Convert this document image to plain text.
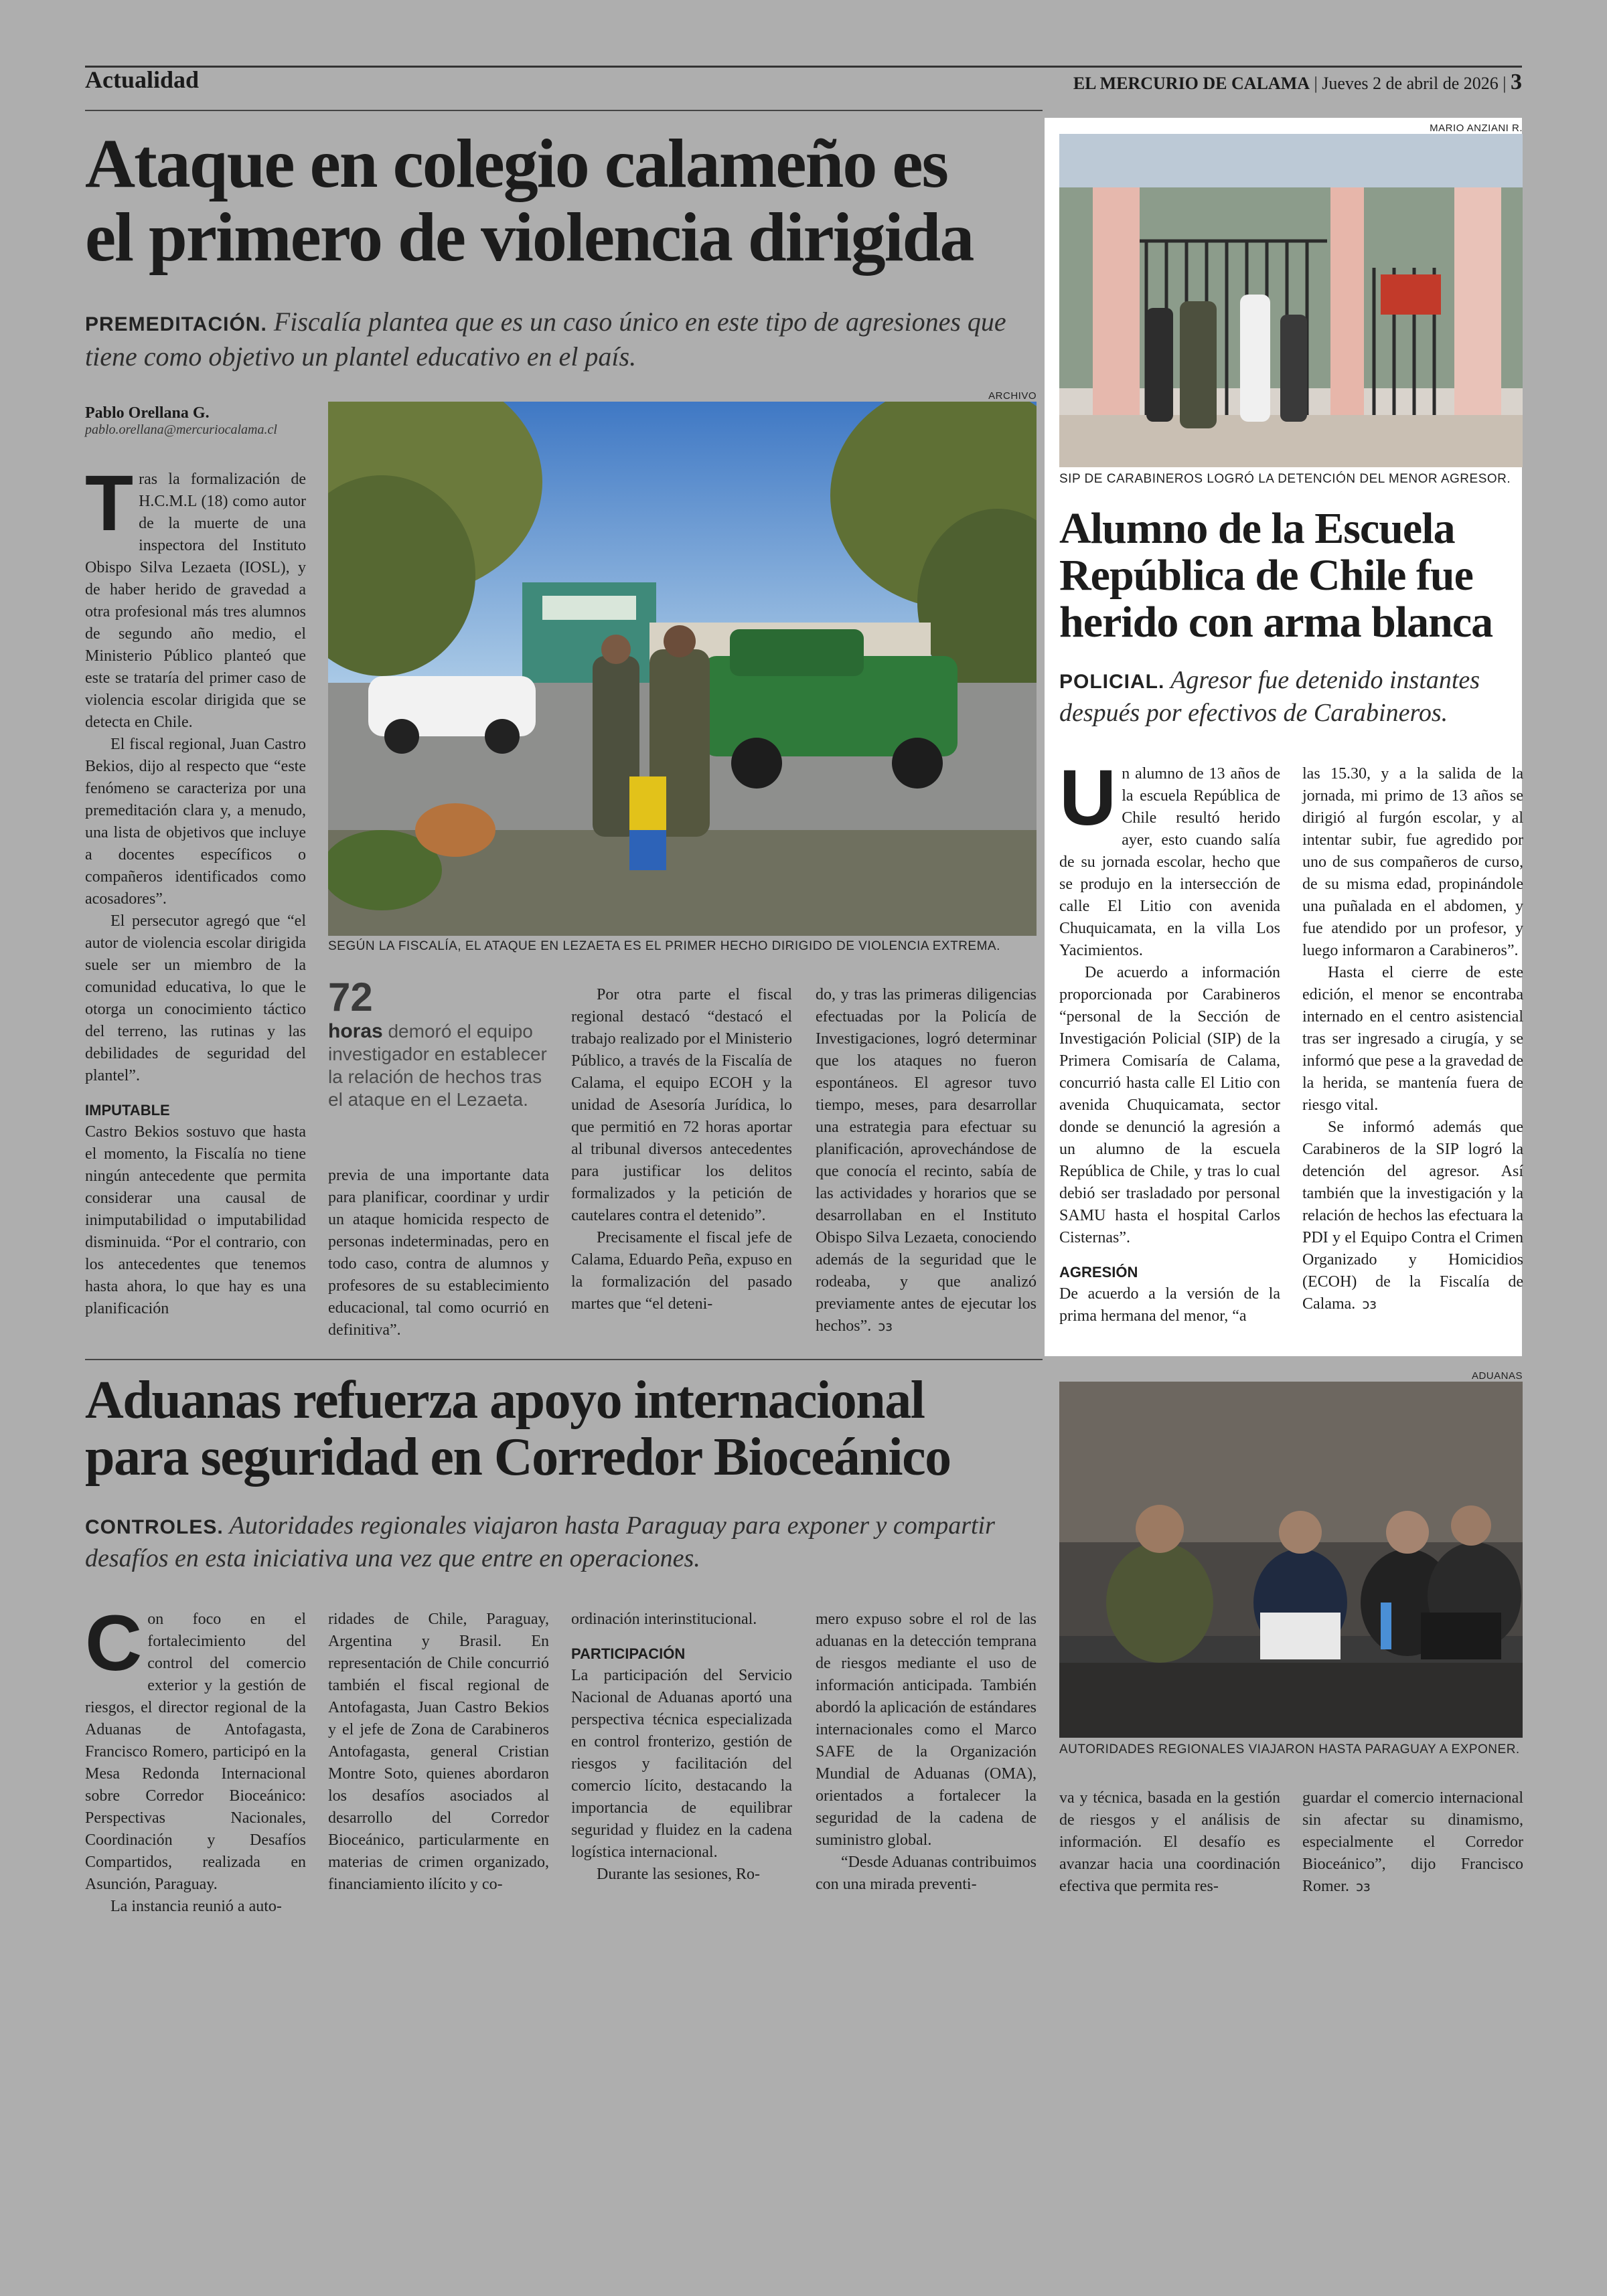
Actualidad	EL MERCURIO DE CALAMA | Jueves 2 de abril de 2026 | 3
Ataque en colegio calameño es
el primero de violencia dirigida
PREMEDITACIÓN. Fiscalía plantea que es un caso único en este tipo de agresiones que tiene como objetivo un plantel educativo en el país.
Pablo Orellana G.
pablo.orellana@mercuriocalama.cl

Tras la formalización de H.C.M.L (18) como autor de la muerte de una inspectora del Instituto Obispo Silva Lezaeta (IOSL), y de haber herido de gravedad a otra profesional más tres alumnos de segundo año medio, el Ministerio Público planteó que este se trataría del primer caso de violencia escolar dirigida que se detecta en Chile.

El fiscal regional, Juan Castro Bekios, dijo al respecto que “este fenómeno se caracteriza por una premeditación clara y, a menudo, una lista de objetivos que incluye a docentes específicos o compañeros identificados como acosadores”.

El persecutor agregó que “el autor de violencia escolar dirigida suele ser un miembro de la comunidad educativa, lo que le otorga un conocimiento táctico del terreno, las rutinas y las debilidades de seguridad del plantel”.

IMPUTABLE

Castro Bekios sostuvo que hasta el momento, la Fiscalía no tiene ningún antecedente que permita considerar una causal de inimputabilidad o imputabilidad disminuida. “Por el contrario, con los antecedentes que tenemos hasta ahora, lo que hay es una planificación

ARCHIVO
SEGÚN LA FISCALÍA, EL ATAQUE EN LEZAETA ES EL PRIMER HECHO DIRIGIDO DE VIOLENCIA EXTREMA.
72
horas demoró el equipo investigador en establecer la relación de hechos tras el ataque en el Lezaeta.

previa de una importante data para planificar, coordinar y urdir un ataque homicida respecto de personas indeterminadas, pero en todo caso, contra de alumnos y profesores de su establecimiento educacional, tal como ocurrió en definitiva”.

Por otra parte el fiscal regional destacó “destacó el trabajo realizado por el Ministerio Público, a través de la Fiscalía de Calama, el equipo ECOH y la unidad de Asesoría Jurídica, lo que permitió en 72 horas aportar al tribunal diversos antecedentes para justificar los delitos formalizados y la petición de cautelares contra el detenido”.

Precisamente el fiscal jefe de Calama, Eduardo Peña, expuso en la formalización del pasado martes que “el deteni-

do, y tras las primeras diligencias efectuadas por la Policía de Investigaciones, logró determinar que los ataques no fueron espontáneos. El agresor tuvo tiempo, meses, para desarrollar una estrategia para efectuar su planificación, aprovechándose de que conocía el recinto, sabía de las actividades y horarios que se desarrollaban en el Instituto Obispo Silva Lezaeta, conociendo además de la seguridad que le rodeaba, y que analizó previamente antes de ejecutar los hechos”. ↄз

MARIO ANZIANI R.
SIP DE CARABINEROS LOGRÓ LA DETENCIÓN DEL MENOR AGRESOR.
Alumno de la Escuela
República de Chile fue
herido con arma blanca
POLICIAL. Agresor fue detenido instantes después por efectivos de Carabineros.

Un alumno de 13 años de la escuela República de Chile resultó herido ayer, esto cuando salía de su jornada escolar, hecho que se produjo en la intersección de calle El Litio con avenida Chuquicamata, en la villa Los Yacimientos.

De acuerdo a información proporcionada por Carabineros “personal de la Sección de Investigación Policial (SIP) de la Primera Comisaría de Calama, concurrió hasta calle El Litio con avenida Chuquicamata, sector donde se denunció la agresión a un alumno de la escuela República de Chile, y tras lo cual debió ser trasladado por personal SAMU hasta el hospital Carlos Cisternas”.

AGRESIÓN

De acuerdo a la versión de la prima hermana del menor, “a

las 15.30, y a la salida de la jornada, mi primo de 13 años se dirigió al furgón escolar, y al intentar subir, fue agredido por uno de sus compañeros de curso, de su misma edad, propinándole una puñalada en el abdomen, y fue atendido por un profesor, y luego informaron a Carabineros”.

Hasta el cierre de este edición, el menor se encontraba internado en el centro asistencial tras ser ingresado a cirugía, y se informó que pese a la gravedad de la herida, se mantenía fuera de riesgo vital.

Se informó además que Carabineros de la SIP logró la detención del agresor. Así también que la investigación y la relación de hechos las efectuara la PDI y el Equipo Contra el Crimen Organizado y Homicidios (ECOH) de la Fiscalía de Calama. ↄз

Aduanas refuerza apoyo internacional
para seguridad en Corredor Bioceánico
CONTROLES. Autoridades regionales viajaron hasta Paraguay para exponer y compartir desafíos en esta iniciativa una vez que entre en operaciones.
ADUANAS
AUTORIDADES REGIONALES VIAJARON HASTA PARAGUAY A EXPONER.

Con foco en el fortalecimiento del control del comercio exterior y la gestión de riesgos, el director regional de la Aduanas de Antofagasta, Francisco Romero, participó en la Mesa Redonda Internacional sobre Corredor Bioceánico: Perspectivas Nacionales, Coordinación y Desafíos Compartidos, realizada en Asunción, Paraguay.

La instancia reunió a auto-

ridades de Chile, Paraguay, Argentina y Brasil. En representación de Chile concurrió también el fiscal regional de Antofagasta, Juan Castro Bekios y el jefe de Zona de Carabineros Antofagasta, general Cristian Montre Soto, quienes abordaron los desafíos asociados al desarrollo del Corredor Bioceánico, particularmente en materias de crimen organizado, financiamiento ilícito y co-

ordinación interinstitucional.

PARTICIPACIÓN

La participación del Servicio Nacional de Aduanas aportó una perspectiva técnica especializada en control fronterizo, gestión de riesgos y facilitación del comercio lícito, destacando la importancia de equilibrar seguridad y fluidez en la cadena logística internacional.

Durante las sesiones, Ro-

mero expuso sobre el rol de las aduanas en la detección temprana de riesgos mediante el uso de información anticipada. También abordó la aplicación de estándares internacionales como el Marco SAFE de la Organización Mundial de Aduanas (OMA), orientados a fortalecer la seguridad de la cadena de suministro global.

“Desde Aduanas contribuimos con una mirada preventi-

va y técnica, basada en la gestión de riesgos y el análisis de información. El desafío es avanzar hacia una coordinación efectiva que permita res-

guardar el comercio internacional sin afectar su dinamismo, especialmente el Corredor Bioceánico”, dijo Francisco Romer. ↄз
